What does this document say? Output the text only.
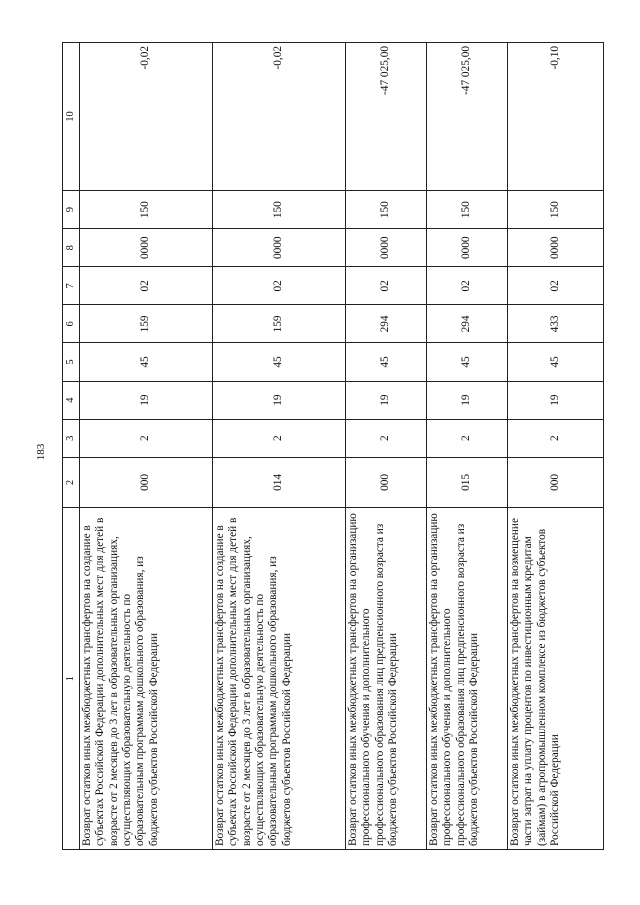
183
1	2	3	4	5	6	7	8	9	10
Возврат остатков иных межбюджетных трансфертов на создание в субъектах Российской Федерации дополнительных мест для детей в возрасте от 2 месяцев до 3 лет в образовательных организациях, осуществляющих образовательную деятельность по образовательным программам дошкольного образования, из бюджетов субъектов Российской Федерации	000	2	19	45	159	02	0000	150	-0,02
Возврат остатков иных межбюджетных трансфертов на создание в субъектах Российской Федерации дополнительных мест для детей в возрасте от 2 месяцев до 3 лет в образовательных организациях, осуществляющих образовательную деятельность по образовательным программам дошкольного образования, из бюджетов субъектов Российской Федерации	014	2	19	45	159	02	0000	150	-0,02
Возврат остатков иных межбюджетных трансфертов на организацию профессионального обучения и дополнительного профессионального образования лиц предпенсионного возраста из бюджетов субъектов Российской Федерации	000	2	19	45	294	02	0000	150	-47 025,00
Возврат остатков иных межбюджетных трансфертов на организацию профессионального обучения и дополнительного профессионального образования лиц предпенсионного возраста из бюджетов субъектов Российской Федерации	015	2	19	45	294	02	0000	150	-47 025,00
Возврат остатков иных межбюджетных трансфертов на возмещение части затрат на уплату процентов по инвестиционным кредитам (займам) в агропромышленном комплексе из бюджетов субъектов Российской Федерации	000	2	19	45	433	02	0000	150	-0,10
